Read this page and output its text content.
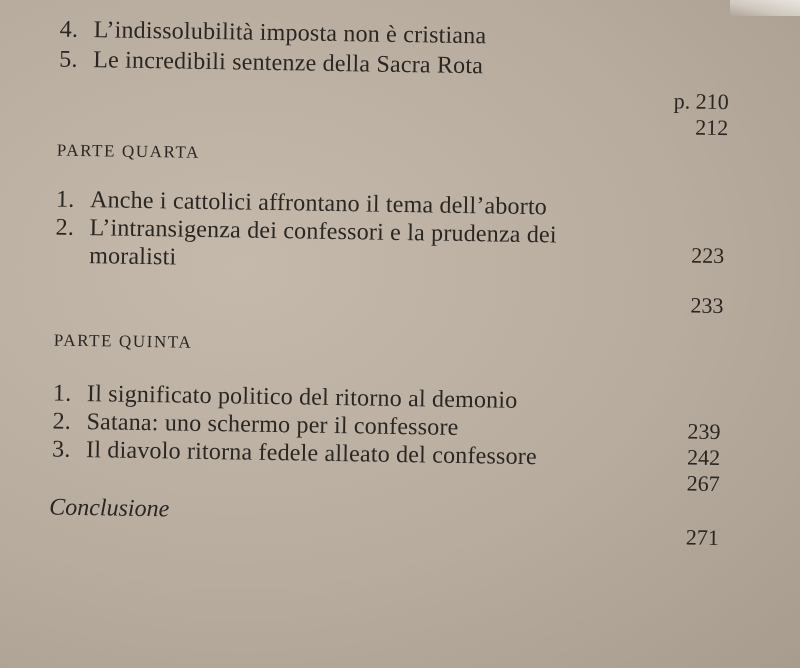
4. L’indissolubilità imposta non è cristiana
5. Le incredibili sentenze della Sacra Rota
p. 210
212
PARTE QUARTA
1. Anche i cattolici affrontano il tema dell’aborto
2. L’intransigenza dei confessori e la prudenza dei
moralisti	223
233
PARTE QUINTA
1. Il significato politico del ritorno al demonio
2. Satana: uno schermo per il confessore
3. Il diavolo ritorna fedele alleato del confessore
239
242
267
Conclusione
271
